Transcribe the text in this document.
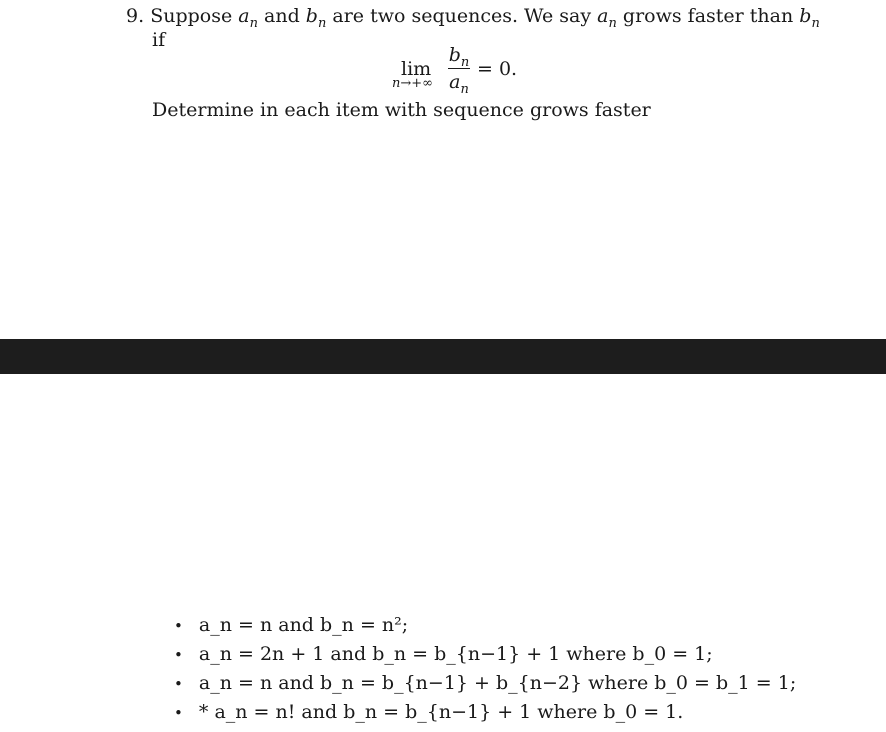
9. Suppose $a_n$ and $b_n$ are two sequences. We say $a_n$ grows faster than $b_n$
if
lim
n→+∞
$b_n$
$a_n$
= 0.
Determine in each item with sequence grows faster
• a_n = n and b_n = n²;
• a_n = 2n + 1 and b_n = b_{n−1} + 1 where b_0 = 1;
• a_n = n and b_n = b_{n−1} + b_{n−2} where b_0 = b_1 = 1;
• * a_n = n! and b_n = b_{n−1} + 1 where b_0 = 1.
